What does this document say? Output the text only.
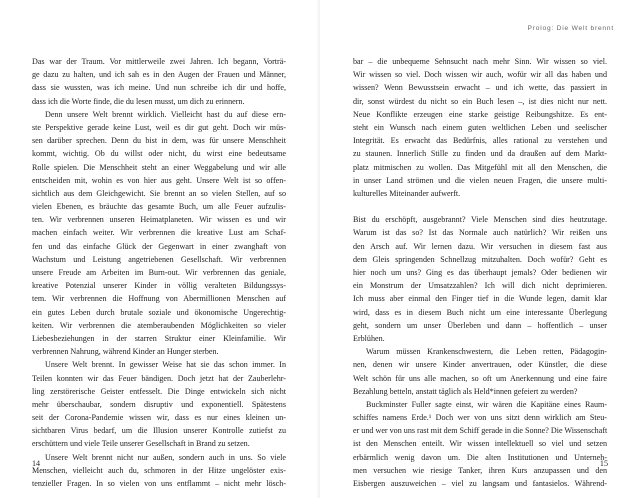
Das war der Traum. Vor mittlerweile zwei Jahren. Ich begann, Vorträ-
ge dazu zu halten, und ich sah es in den Augen der Frauen und Männer,
dass sie wussten, was ich meine. Und nun schreibe ich dir und hoffe,
dass ich die Worte finde, die du lesen musst, um dich zu erinnern.
Denn unsere Welt brennt wirklich. Vielleicht hast du auf diese ern-
ste Perspektive gerade keine Lust, weil es dir gut geht. Doch wir müs-
sen darüber sprechen. Denn du bist in dem, was für unsere Menschheit
kommt, wichtig. Ob du willst oder nicht, du wirst eine bedeutsame
Rolle spielen. Die Menschheit steht an einer Weggabelung und wir alle
entscheiden mit, wohin es von hier aus geht. Unsere Welt ist so offen-
sichtlich aus dem Gleichgewicht. Sie brennt an so vielen Stellen, auf so
vielen Ebenen, es bräuchte das gesamte Buch, um alle Feuer aufzulis-
ten. Wir verbrennen unseren Heimatplaneten. Wir wissen es und wir
machen einfach weiter. Wir verbrennen die kreative Lust am Schaf-
fen und das einfache Glück der Gegenwart in einer zwanghaft von
Wachstum und Leistung angetriebenen Gesellschaft. Wir verbrennen
unsere Freude am Arbeiten im Burn-out. Wir verbrennen das geniale,
kreative Potenzial unserer Kinder in völlig veralteten Bildungssys-
tem. Wir verbrennen die Hoffnung von Abermillionen Menschen auf
ein gutes Leben durch brutale soziale und ökonomische Ungerechtig-
keiten. Wir verbrennen die atemberaubenden Möglichkeiten so vieler
Liebesbeziehungen in der starren Struktur einer Kleinfamilie. Wir
verbrennen Nahrung, während Kinder an Hunger sterben.
Unsere Welt brennt. In gewisser Weise hat sie das schon immer. In
Teilen konnten wir das Feuer bändigen. Doch jetzt hat der Zauberlehr-
ling zerstörerische Geister entfesselt. Die Dinge entwickeln sich nicht
mehr überschaubar, sondern disruptiv und exponentiell. Spätestens
seit der Corona-Pandemie wissen wir, dass es nur eines kleinen un-
sichtbaren Virus bedarf, um die Illusion unserer Kontrolle zutiefst zu
erschüttern und viele Teile unserer Gesellschaft in Brand zu setzen.
Unsere Welt brennt nicht nur außen, sondern auch in uns. So viele
Menschen, vielleicht auch du, schmoren in der Hitze ungelöster exis-
tenzieller Fragen. In so vielen von uns entflammt – nicht mehr lösch-
14
Prolog: Die Welt brennt
bar – die unbequeme Sehnsucht nach mehr Sinn. Wir wissen so viel.
Wir wissen so viel. Doch wissen wir auch, wofür wir all das haben und
wissen? Wenn Bewusstsein erwacht – und ich wette, das passiert in
dir, sonst würdest du nicht so ein Buch lesen –, ist dies nicht nur nett.
Neue Konflikte erzeugen eine starke geistige Reibungshitze. Es ent-
steht ein Wunsch nach einem guten weltlichen Leben und seelischer
Integrität. Es erwacht das Bedürfnis, alles rational zu verstehen und
zu staunen. Innerlich Stille zu finden und da draußen auf dem Markt-
platz mitmischen zu wollen. Das Mitgefühl mit all den Menschen, die
in unser Land strömen und die vielen neuen Fragen, die unsere multi-
kulturelles Miteinander aufwerft.
Bist du erschöpft, ausgebrannt? Viele Menschen sind dies heutzutage.
Warum ist das so? Ist das Normale auch natürlich? Wir reißen uns
den Arsch auf. Wir lernen dazu. Wir versuchen in diesem fast aus
dem Gleis springenden Schnellzug mitzuhalten. Doch wofür? Geht es
hier noch um uns? Ging es das überhaupt jemals? Oder bedienen wir
ein Monstrum der Umsatzzahlen? Ich will dich nicht deprimieren.
Ich muss aber einmal den Finger tief in die Wunde legen, damit klar
wird, dass es in diesem Buch nicht um eine interessante Überlegung
geht, sondern um unser Überleben und dann – hoffentlich – unser
Erblühen.
Warum müssen Krankenschwestern, die Leben retten, Pädagogin-
nen, denen wir unsere Kinder anvertrauen, oder Künstler, die diese
Welt schön für uns alle machen, so oft um Anerkennung und eine faire
Bezahlung betteln, anstatt täglich als Held*innen gefeiert zu werden?
Buckminster Fuller sagte einst, wir wären die Kapitäne eines Raum-
schiffes namens Erde.¹ Doch wer von uns sitzt denn wirklich am Steu-
er und wer von uns rast mit dem Schiff gerade in die Sonne? Die Wissenschaft
ist den Menschen enteilt. Wir wissen intellektuell so viel und setzen
erbärmlich wenig davon um. Die alten Institutionen und Unterneh-
men versuchen wie riesige Tanker, ihren Kurs anzupassen und den
Eisbergen auszuweichen – viel zu langsam und fantasielos. Während-
15
